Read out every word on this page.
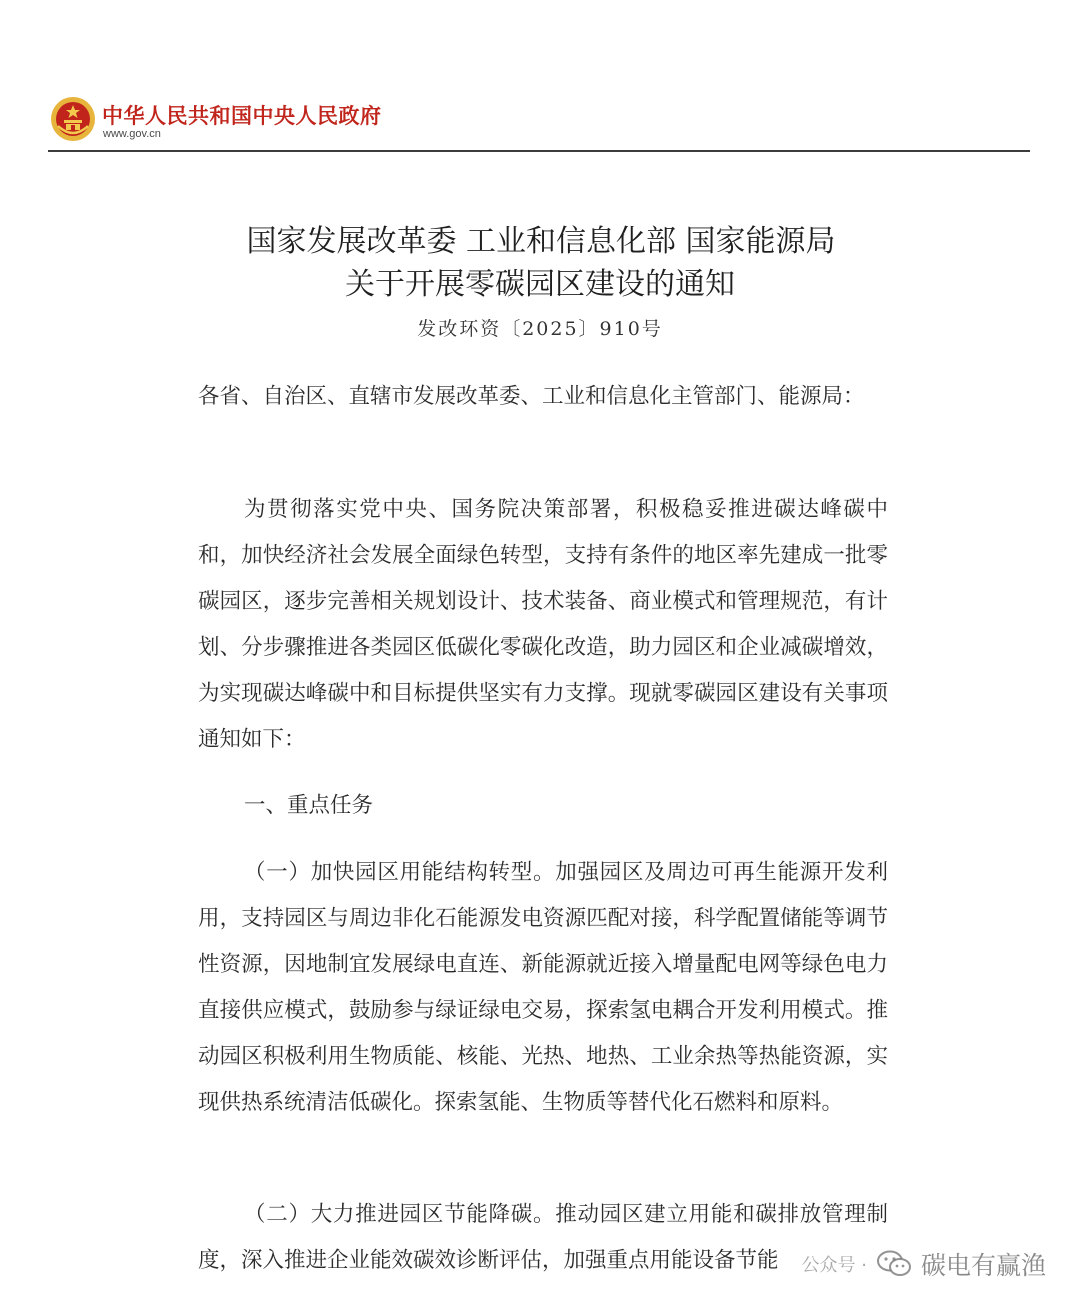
中华人民共和国中央人民政府
www.gov.cn
国家发展改革委 工业和信息化部 国家能源局
关于开展零碳园区建设的通知
发改环资〔2025〕910号

各省、自治区、直辖市发展改革委、工业和信息化主管部门、能源局：

为贯彻落实党中央、国务院决策部署，积极稳妥推进碳达峰碳中和，加快经济社会发展全面绿色转型，支持有条件的地区率先建成一批零碳园区，逐步完善相关规划设计、技术装备、商业模式和管理规范，有计划、分步骤推进各类园区低碳化零碳化改造，助力园区和企业减碳增效，为实现碳达峰碳中和目标提供坚实有力支撑。现就零碳园区建设有关事项通知如下：

一、重点任务

（一）加快园区用能结构转型。加强园区及周边可再生能源开发利用，支持园区与周边非化石能源发电资源匹配对接，科学配置储能等调节性资源，因地制宜发展绿电直连、新能源就近接入增量配电网等绿色电力直接供应模式，鼓励参与绿证绿电交易，探索氢电耦合开发利用模式。推动园区积极利用生物质能、核能、光热、地热、工业余热等热能资源，实现供热系统清洁低碳化。探索氢能、生物质等替代化石燃料和原料。

（二）大力推进园区节能降碳。推动园区建立用能和碳排放管理制度，深入推进企业能效碳效诊断评估，加强重点用能设备节能	公众号 · 碳电有赢渔
